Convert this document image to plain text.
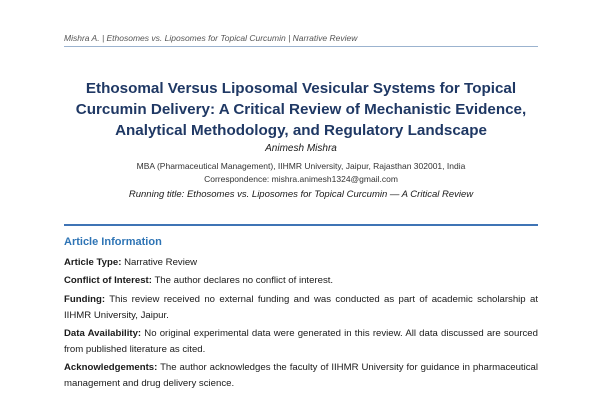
Mishra A. | Ethosomes vs. Liposomes for Topical Curcumin | Narrative Review
Ethosomal Versus Liposomal Vesicular Systems for Topical Curcumin Delivery: A Critical Review of Mechanistic Evidence, Analytical Methodology, and Regulatory Landscape
Animesh Mishra
MBA (Pharmaceutical Management), IIHMR University, Jaipur, Rajasthan 302001, India
Correspondence: mishra.animesh1324@gmail.com
Running title: Ethosomes vs. Liposomes for Topical Curcumin — A Critical Review
Article Information

Article Type: Narrative Review

Conflict of Interest: The author declares no conflict of interest.

Funding: This review received no external funding and was conducted as part of academic scholarship at IIHMR University, Jaipur.

Data Availability: No original experimental data were generated in this review. All data discussed are sourced from published literature as cited.

Acknowledgements: The author acknowledges the faculty of IIHMR University for guidance in pharmaceutical management and drug delivery science.
